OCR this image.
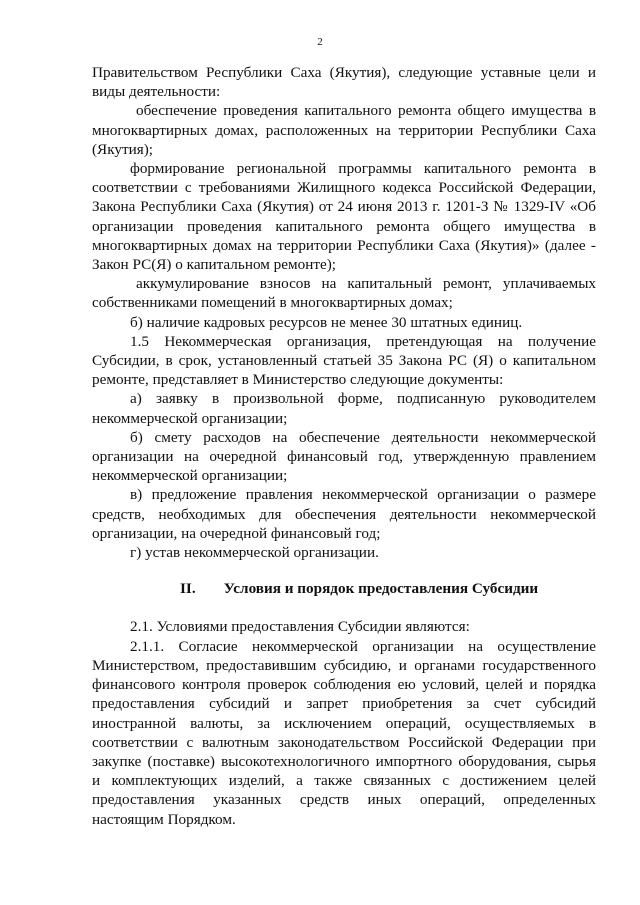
2

Правительством Республики Саха (Якутия), следующие уставные цели и виды деятельности:

обеспечение проведения капитального ремонта общего имущества в многоквартирных домах, расположенных на территории Республики Саха (Якутия);

формирование региональной программы капитального ремонта в соответствии с требованиями Жилищного кодекса Российской Федерации, Закона Республики Саха (Якутия) от 24 июня 2013 г. 1201-З № 1329-IV «Об организации проведения капитального ремонта общего имущества в многоквартирных домах на территории Республики Саха (Якутия)» (далее - Закон РС(Я) о капитальном ремонте);

аккумулирование взносов на капитальный ремонт, уплачиваемых собственниками помещений в многоквартирных домах;

б) наличие кадровых ресурсов не менее 30 штатных единиц.

1.5 Некоммерческая организация, претендующая на получение Субсидии, в срок, установленный статьей 35 Закона РС (Я) о капитальном ремонте, представляет в Министерство следующие документы:

а) заявку в произвольной форме, подписанную руководителем некоммерческой организации;

б) смету расходов на обеспечение деятельности некоммерческой организации на очередной финансовый год, утвержденную правлением некоммерческой организации;

в) предложение правления некоммерческой организации о размере средств, необходимых для обеспечения деятельности некоммерческой организации, на очередной финансовый год;

г) устав некоммерческой организации.

II. Условия и порядок предоставления Субсидии

2.1. Условиями предоставления Субсидии являются:

2.1.1. Согласие некоммерческой организации на осуществление Министерством, предоставившим субсидию, и органами государственного финансового контроля проверок соблюдения ею условий, целей и порядка предоставления субсидий и запрет приобретения за счет субсидий иностранной валюты, за исключением операций, осуществляемых в соответствии с валютным законодательством Российской Федерации при закупке (поставке) высокотехнологичного импортного оборудования, сырья и комплектующих изделий, а также связанных с достижением целей предоставления указанных средств иных операций, определенных настоящим Порядком.
